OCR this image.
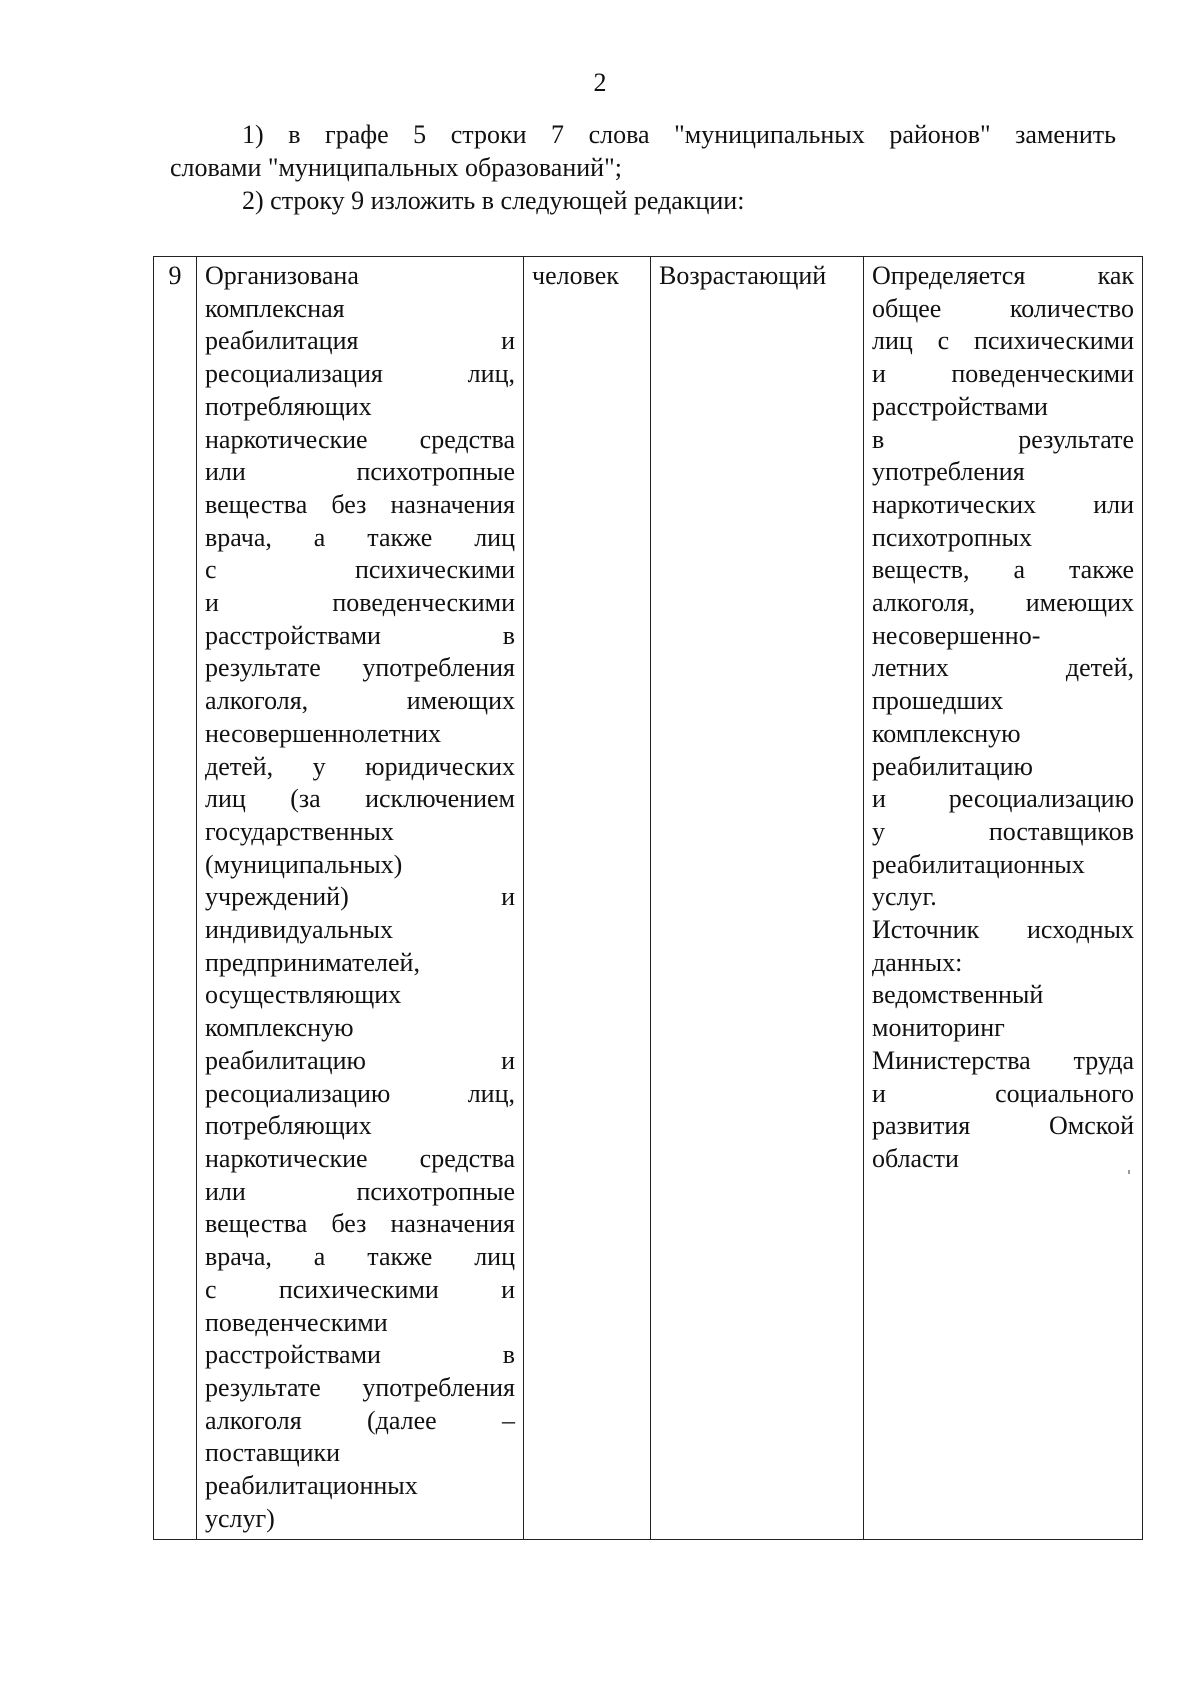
2

1) в графе 5 строки 7 слова "муниципальных районов" заменить

словами "муниципальных образований";

2) строку 9 изложить в следующей редакции:

9	Организована
комплексная
реабилитация и
ресоциализация лиц,
потребляющих
наркотические средства
или психотропные
вещества без назначения
врача, а также лиц
с психическими
и поведенческими
расстройствами в
результате употребления
алкоголя, имеющих
несовершеннолетних
детей, у юридических
лиц (за исключением
государственных
(муниципальных)
учреждений) и
индивидуальных
предпринимателей,
осуществляющих
комплексную
реабилитацию и
ресоциализацию лиц,
потребляющих
наркотические средства
или психотропные
вещества без назначения
врача, а также лиц
с психическими и
поведенческими
расстройствами в
результате употребления
алкоголя (далее –
поставщики
реабилитационных
услуг)
	человек	Возрастающий	Определяется как
общее количество
лиц с психическими
и поведенческими
расстройствами
в результате
употребления
наркотических или
психотропных
веществ, а также
алкоголя, имеющих
несовершенно-
летних детей,
прошедших
комплексную
реабилитацию
и ресоциализацию
у поставщиков
реабилитационных
услуг.
Источник исходных
данных:
ведомственный
мониторинг
Министерства труда
и социального
развития Омской
области
